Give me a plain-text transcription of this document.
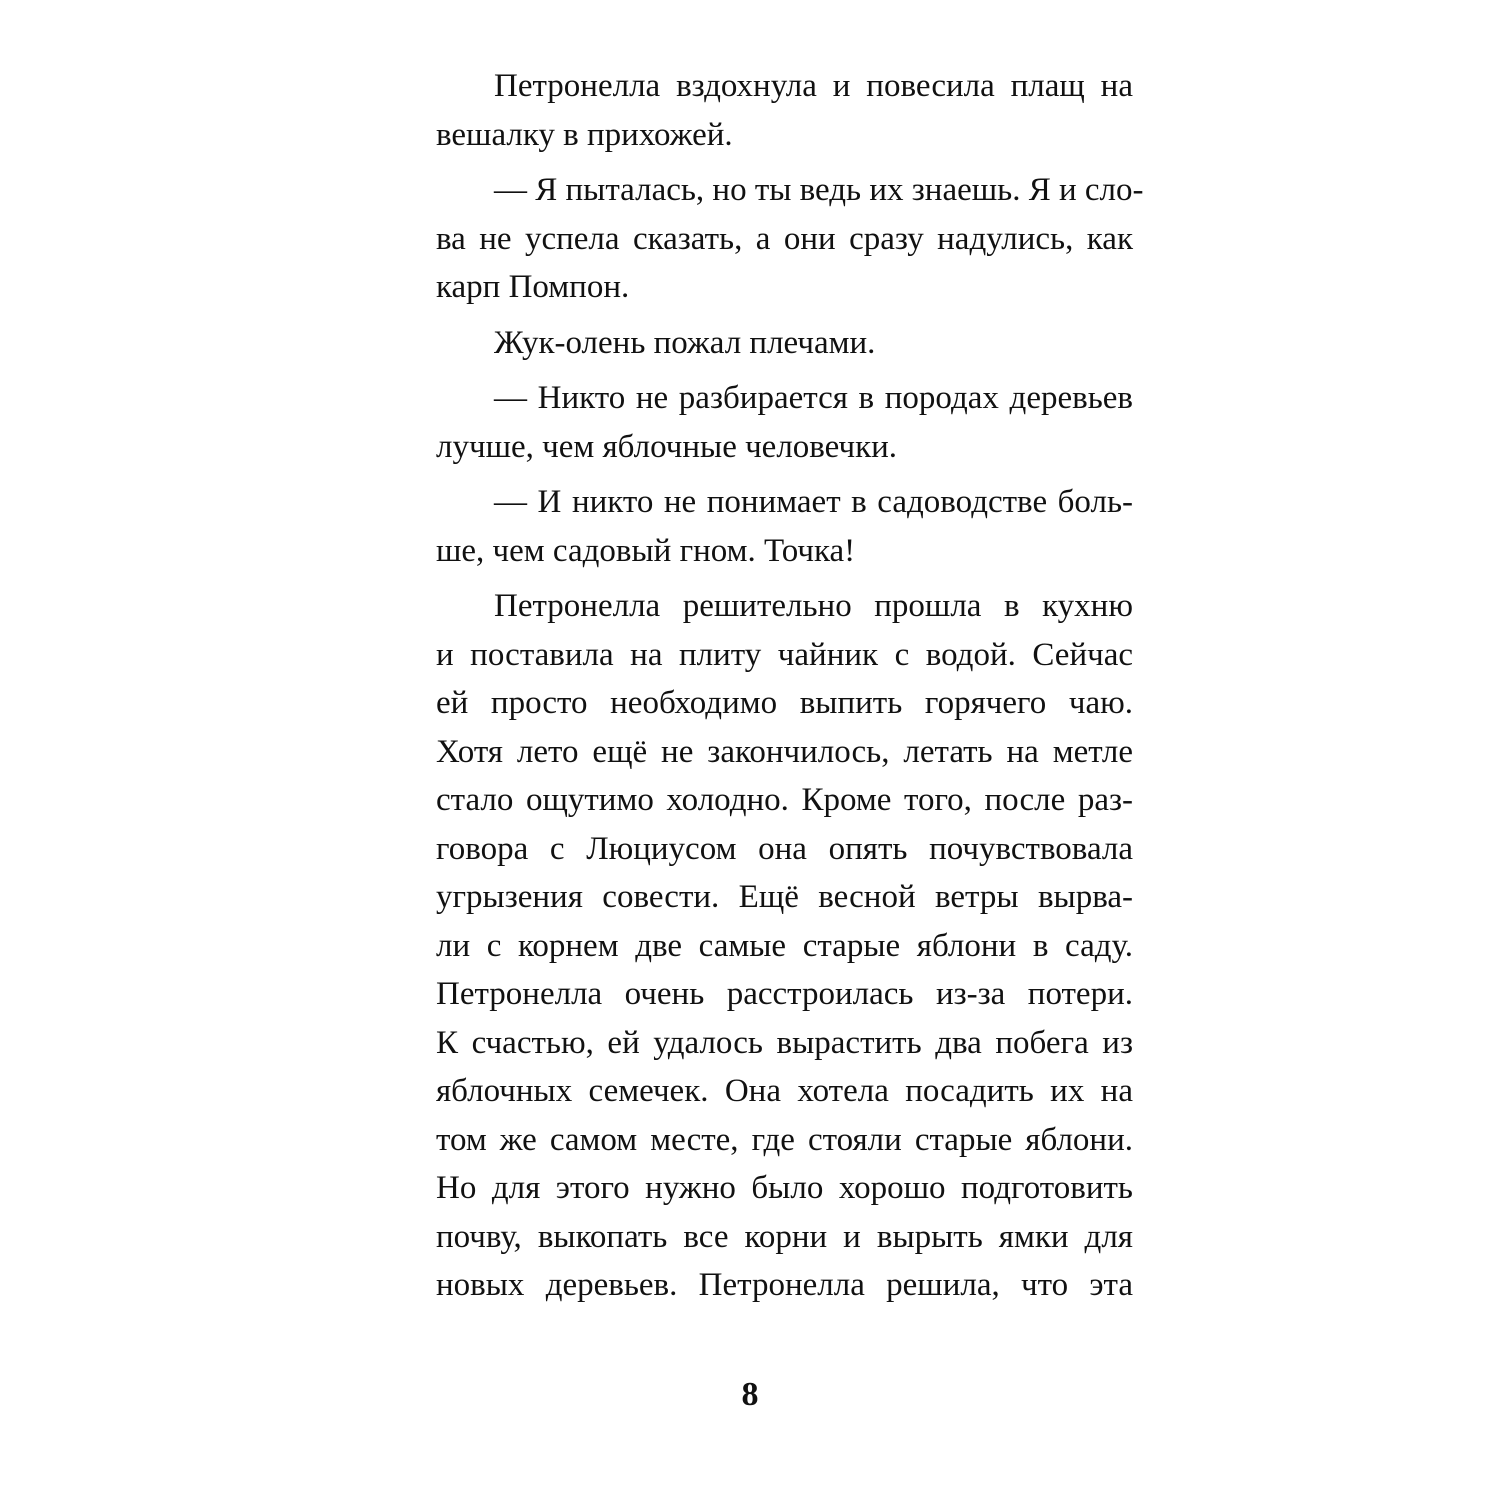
Петронелла вздохнула и повесила плащ на
вешалку в прихожей.

— Я пыталась, но ты ведь их знаешь. Я и сло-
ва не успела сказать, а они сразу надулись, как
карп Помпон.

Жук-олень пожал плечами.

— Никто не разбирается в породах деревьев
лучше, чем яблочные человечки.

— И никто не понимает в садоводстве боль-
ше, чем садовый гном. Точка!

Петронелла решительно прошла в кухню
и поставила на плиту чайник с водой. Сейчас
ей просто необходимо выпить горячего чаю.
Хотя лето ещё не закончилось, летать на метле
стало ощутимо холодно. Кроме того, после раз-
говора с Люциусом она опять почувствовала
угрызения совести. Ещё весной ветры вырва-
ли с корнем две самые старые яблони в саду.
Петронелла очень расстроилась из-за потери.
К счастью, ей удалось вырастить два побега из
яблочных семечек. Она хотела посадить их на
том же самом месте, где стояли старые яблони.
Но для этого нужно было хорошо подготовить
почву, выкопать все корни и вырыть ямки для
новых деревьев. Петронелла решила, что эта

8
